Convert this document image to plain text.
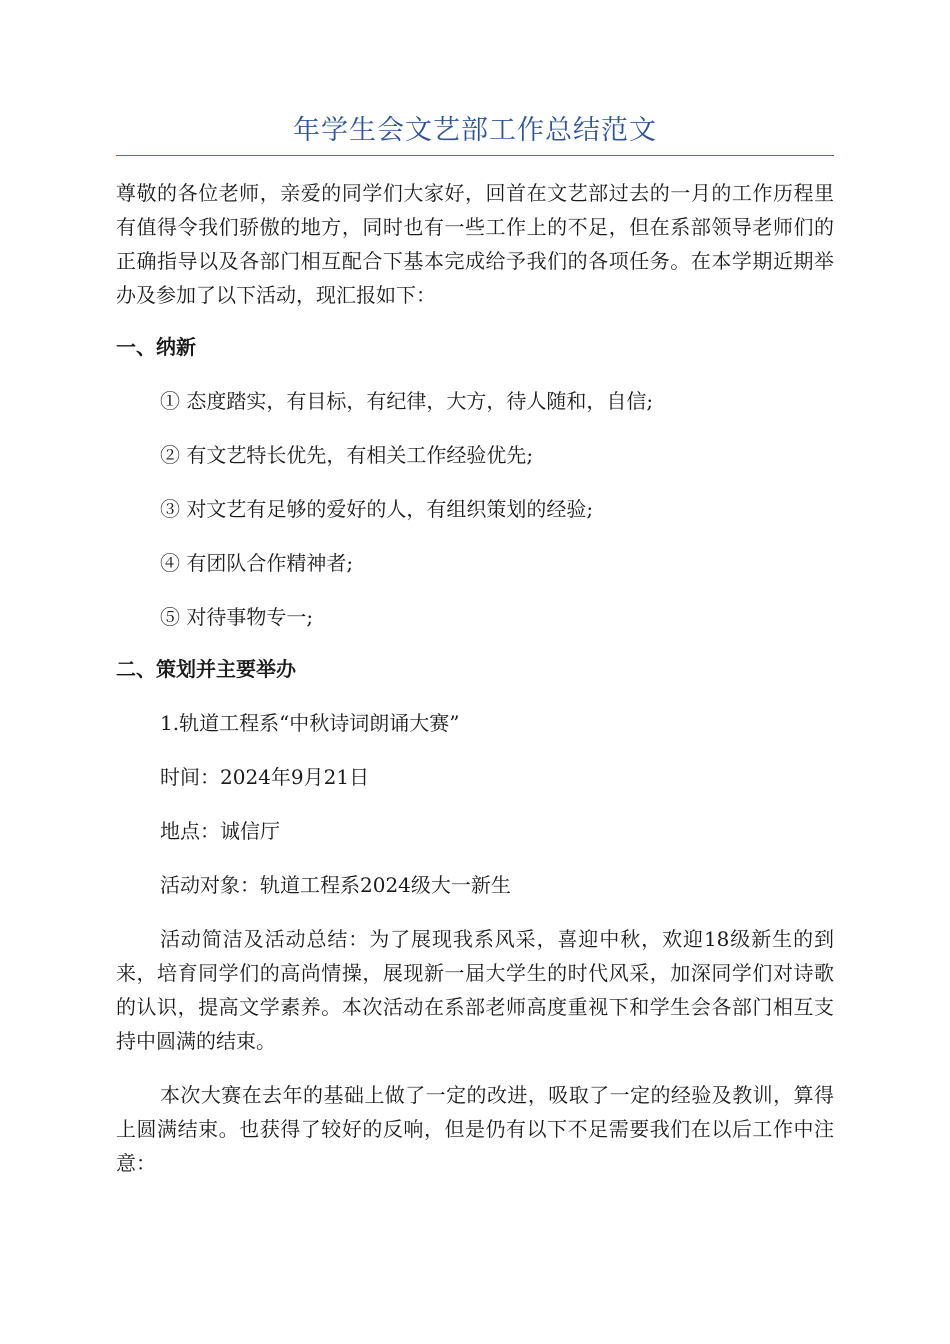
年学生会文艺部工作总结范文

尊敬的各位老师，亲爱的同学们大家好，回首在文艺部过去的一月的工作历程里有值得令我们骄傲的地方，同时也有一些工作上的不足，但在系部领导老师们的正确指导以及各部门相互配合下基本完成给予我们的各项任务。在本学期近期举办及参加了以下活动，现汇报如下：

一、纳新

① 态度踏实，有目标，有纪律，大方，待人随和，自信;

② 有文艺特长优先，有相关工作经验优先;

③ 对文艺有足够的爱好的人，有组织策划的经验;

④ 有团队合作精神者;

⑤ 对待事物专一;

二、策划并主要举办

1.轨道工程系“中秋诗词朗诵大赛”

时间：2024年9月21日

地点：诚信厅

活动对象：轨道工程系2024级大一新生

活动简洁及活动总结：为了展现我系风采，喜迎中秋，欢迎18级新生的到来，培育同学们的高尚情操，展现新一届大学生的时代风采，加深同学们对诗歌的认识，提高文学素养。本次活动在系部老师高度重视下和学生会各部门相互支持中圆满的结束。

本次大赛在去年的基础上做了一定的改进，吸取了一定的经验及教训，算得上圆满结束。也获得了较好的反响，但是仍有以下不足需要我们在以后工作中注意：
